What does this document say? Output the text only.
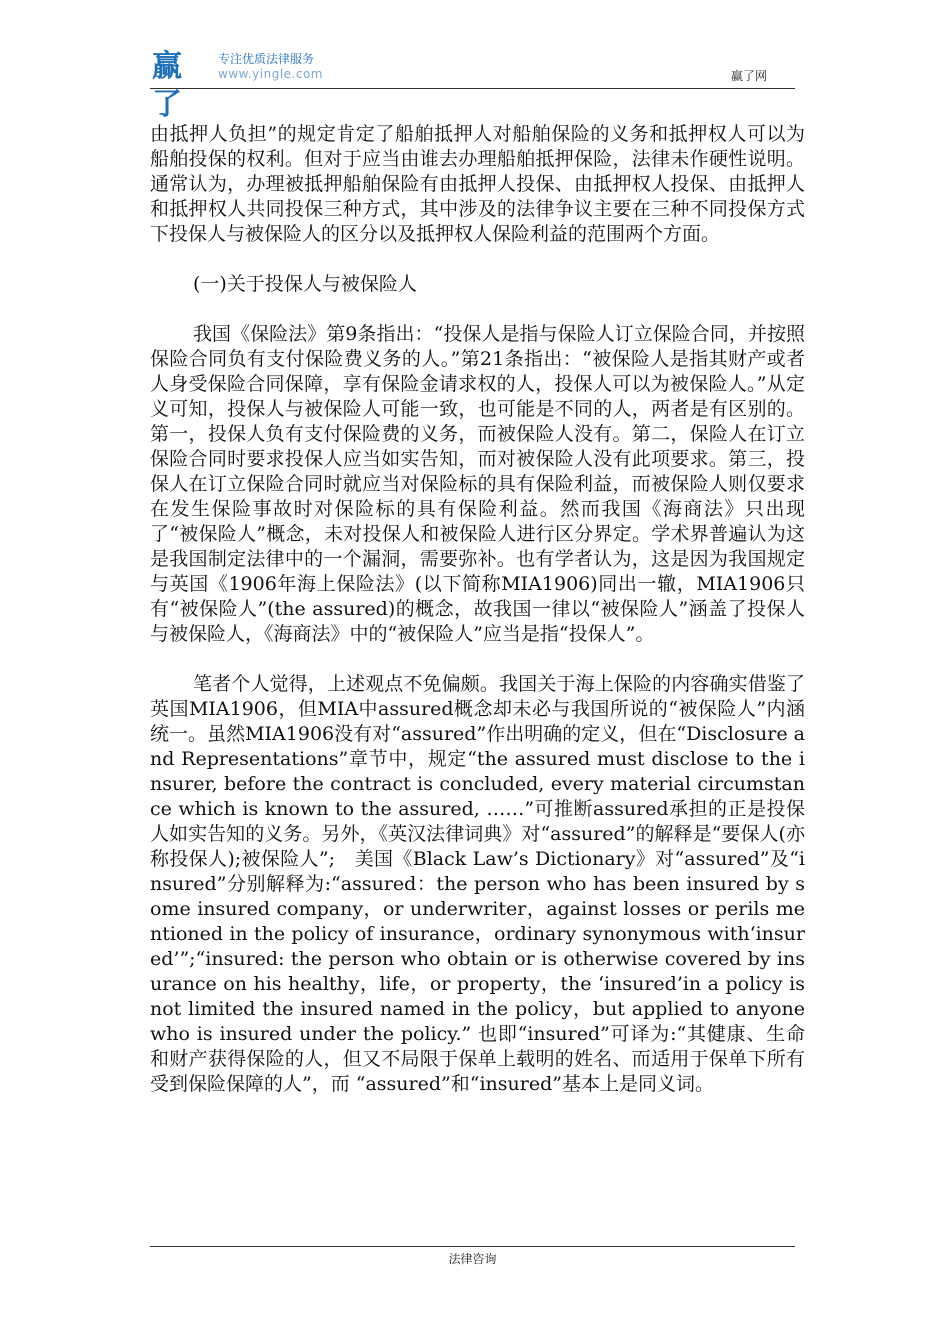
赢了
专注优质法律服务
www.yingle.com	赢了网

由抵押人负担”的规定肯定了船舶抵押人对船舶保险的义务和抵押权人可以为船舶投保的权利。但对于应当由谁去办理船舶抵押保险，法律未作硬性说明。通常认为，办理被抵押船舶保险有由抵押人投保、由抵押权人投保、由抵押人和抵押权人共同投保三种方式，其中涉及的法律争议主要在三种不同投保方式下投保人与被保险人的区分以及抵押权人保险利益的范围两个方面。

(一)关于投保人与被保险人

我国《保险法》第9条指出：“投保人是指与保险人订立保险合同，并按照保险合同负有支付保险费义务的人。”第21条指出：“被保险人是指其财产或者人身受保险合同保障，享有保险金请求权的人，投保人可以为被保险人。”从定义可知，投保人与被保险人可能一致，也可能是不同的人，两者是有区别的。第一，投保人负有支付保险费的义务，而被保险人没有。第二，保险人在订立保险合同时要求投保人应当如实告知，而对被保险人没有此项要求。第三，投保人在订立保险合同时就应当对保险标的具有保险利益，而被保险人则仅要求在发生保险事故时对保险标的具有保险利益。然而我国《海商法》只出现了“被保险人”概念，未对投保人和被保险人进行区分界定。学术界普遍认为这是我国制定法律中的一个漏洞，需要弥补。也有学者认为，这是因为我国规定与英国《1906年海上保险法》(以下简称MIA1906)同出一辙，MIA1906只有“被保险人”(the assured)的概念，故我国一律以“被保险人”涵盖了投保人与被保险人，《海商法》中的“被保险人”应当是指“投保人”。

笔者个人觉得，上述观点不免偏颇。我国关于海上保险的内容确实借鉴了英国MIA1906，但MIA中assured概念却未必与我国所说的“被保险人”内涵统一。虽然MIA1906没有对“assured”作出明确的定义，但在“Disclosure and Representations”章节中，规定“the assured must disclose to the insurer, before the contract is concluded, every material circumstance which is known to the assured, ……”可推断assured承担的正是投保人如实告知的义务。另外，《英汉法律词典》对“assured”的解释是“要保人(亦称投保人);被保险人”;　美国《Black Law’s Dictionary》对“assured”及“insured”分别解释为:“assured：the person who has been insured by some insured company，or underwriter，against losses or perils mentioned in the policy of insurance，ordinary synonymous with‘insured’”;“insured: the person who obtain or is otherwise covered by insurance on his healthy，life，or property，the ‘insured’in a policy is not limited the insured named in the policy，but applied to anyone who is insured under the policy.” 也即“insured”可译为:“其健康、生命和财产获得保险的人，但又不局限于保单上载明的姓名、而适用于保单下所有受到保险保障的人”，而 “assured”和“insured”基本上是同义词。

法律咨询
